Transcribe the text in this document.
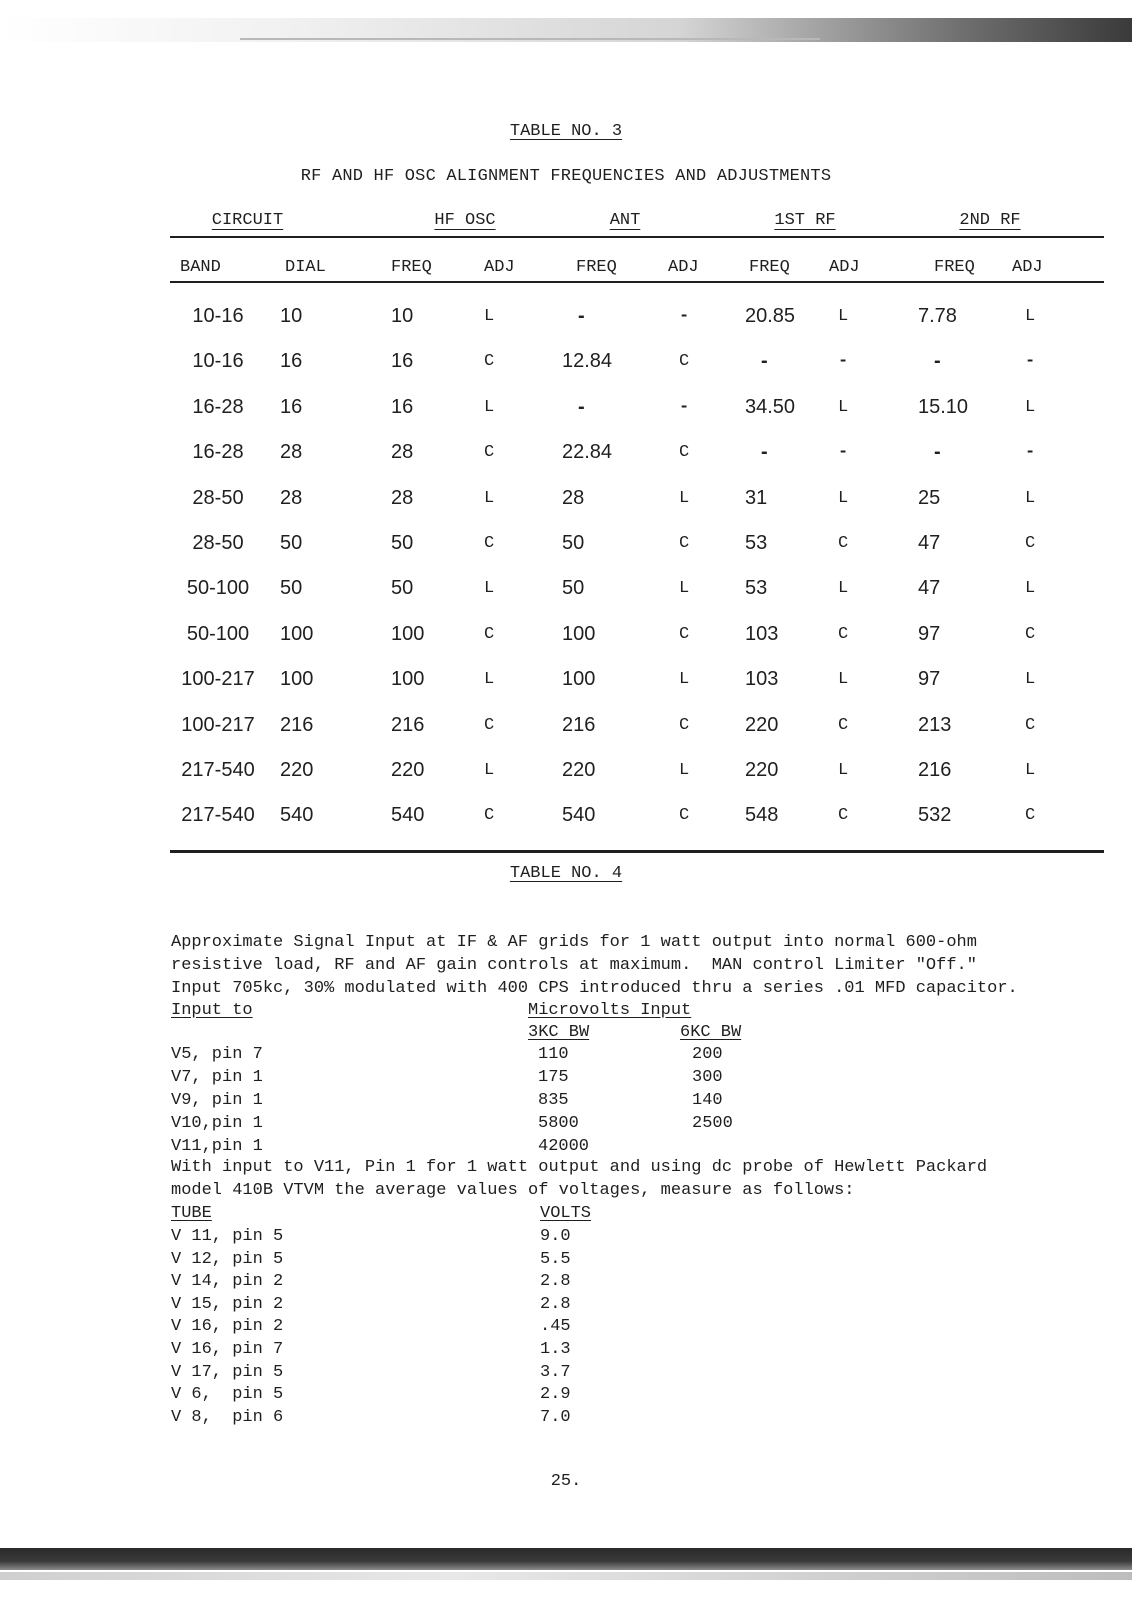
TABLE NO. 3
RF AND HF OSC ALIGNMENT FREQUENCIES AND ADJUSTMENTS
CIRCUIT	HF OSC	ANT	1ST RF	2ND RF
BAND	DIAL	FREQ	ADJ	FREQ	ADJ	FREQ ADJ	FREQ ADJ
10-16	10	10	L	-	-	20.85	L	7.78	L
10-16	16	16	C	12.84	C	-	-	-	-
16-28	16	16	L	-	-	34.50	L	15.10	L
16-28	28	28	C	22.84	C	-	-	-	-
28-50	28	28	L	28	L	31	L	25	L
28-50	50	50	C	50	C	53	C	47	C
50-100	50	50	L	50	L	53	L	47	L
50-100	100	100	C	100	C	103	C	97	C
100-217	100	100	L	100	L	103	L	97	L
100-217	216	216	C	216	C	220	C	213	C
217-540	220	220	L	220	L	220	L	216	L
217-540	540	540	C	540	C	548	C	532	C
TABLE NO. 4
Approximate Signal Input at IF & AF grids for 1 watt output into normal 600-ohm
resistive load, RF and AF gain controls at maximum.  MAN control Limiter "Off."
Input 705kc, 30% modulated with 400 CPS introduced thru a series .01 MFD capacitor.
Input to	Microvolts Input
3KC BW	6KC BW
V5, pin 7	110	200
V7, pin 1	175	300
V9, pin 1	835	140
V10,pin 1	5800	2500
V11,pin 1	42000
With input to V11, Pin 1 for 1 watt output and using dc probe of Hewlett Packard
model 410B VTVM the average values of voltages, measure as follows:
TUBE	VOLTS
V 11, pin 5	9.0
V 12, pin 5	5.5
V 14, pin 2	2.8
V 15, pin 2	2.8
V 16, pin 2	.45
V 16, pin 7	1.3
V 17, pin 5	3.7
V 6,  pin 5	2.9
V 8,  pin 6	7.0
25.
